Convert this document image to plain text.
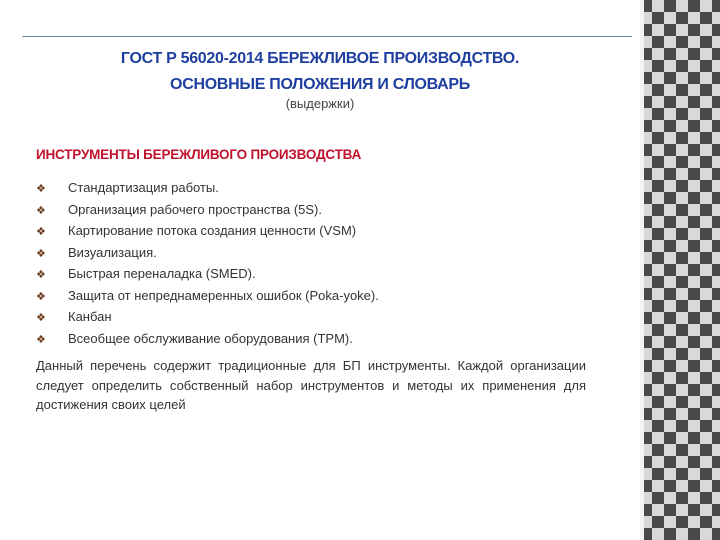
ГОСТ Р 56020-2014 БЕРЕЖЛИВОЕ ПРОИЗВОДСТВО.
ОСНОВНЫЕ ПОЛОЖЕНИЯ И СЛОВАРЬ
(выдержки)
ИНСТРУМЕНТЫ БЕРЕЖЛИВОГО ПРОИЗВОДСТВА
❖ Стандартизация работы.
❖ Организация рабочего пространства (5S).
❖ Картирование потока создания ценности (VSM)
❖ Визуализация.
❖ Быстрая переналадка (SMED).
❖ Защита от непреднамеренных ошибок (Poka-yoke).
❖ Канбан
❖ Всеобщее обслуживание оборудования (TPM).
Данный перечень содержит традиционные для БП инструменты. Каждой организации следует определить собственный набор инструментов и методы их применения для достижения своих целей
